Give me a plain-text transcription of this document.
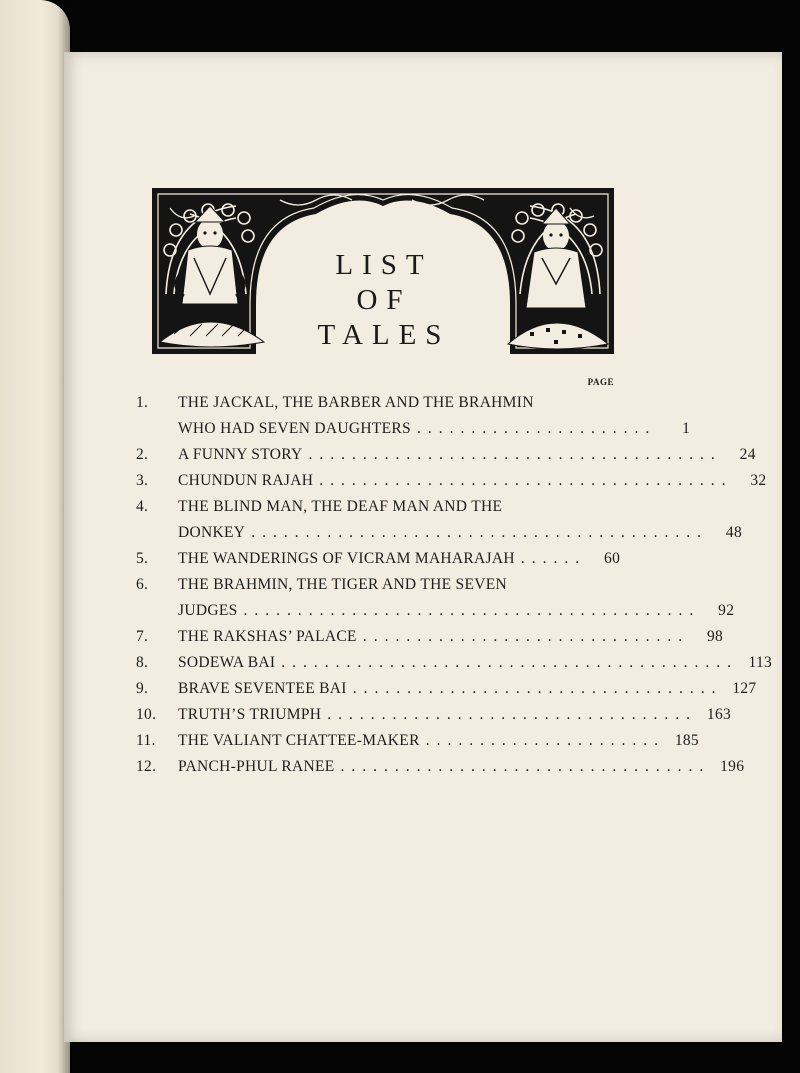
LIST
OF
TALES
PAGE
1.	THE JACKAL, THE BARBER AND THE BRAHMIN
WHO HAD SEVEN DAUGHTERS ......................	1
2.	A FUNNY STORY ......................................	24
3.	CHUNDUN RAJAH ......................................	32
4.	THE BLIND MAN, THE DEAF MAN AND THE
DONKEY ..........................................	48
5.	THE WANDERINGS OF VICRAM MAHARAJAH ......	60
6.	THE BRAHMIN, THE TIGER AND THE SEVEN
JUDGES ..........................................	92
7.	THE RAKSHAS’ PALACE ..............................	98
8.	SODEWA BAI .......................................... 113
9.	BRAVE SEVENTEE BAI .................................. 127
10.	TRUTH’S TRIUMPH .................................. 163
11.	THE VALIANT CHATTEE-MAKER ...................... 185
12.	PANCH-PHUL RANEE .................................. 196
